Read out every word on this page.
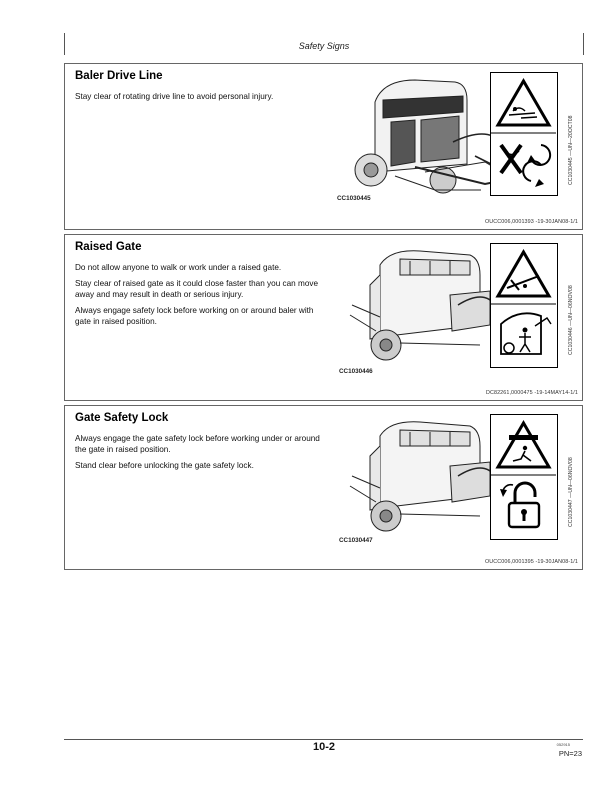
Safety Signs
Baler Drive Line
Stay clear of rotating drive line to avoid personal injury.
CC1030445
CC1030445 —UN—20OCT08
OUCC006,0001393 -19-30JAN08-1/1
Raised Gate
Do not allow anyone to walk or work under a raised gate.
Stay clear of raised gate as it could close faster than you can move away and may result in death or serious injury.
Always engage safety lock before working on or around baler with gate in raised position.
CC1030446
CC1030446 —UN—06NOV08
DC82261,0000475 -19-14MAY14-1/1
Gate Safety Lock
Always engage the gate safety lock before working under or around the gate in raised position.
Stand clear before unlocking the gate safety lock.
CC1030447
CC1030447 —UN—06NOV08
OUCC006,0001395 -19-30JAN08-1/1
10-2	052915
PN=23
